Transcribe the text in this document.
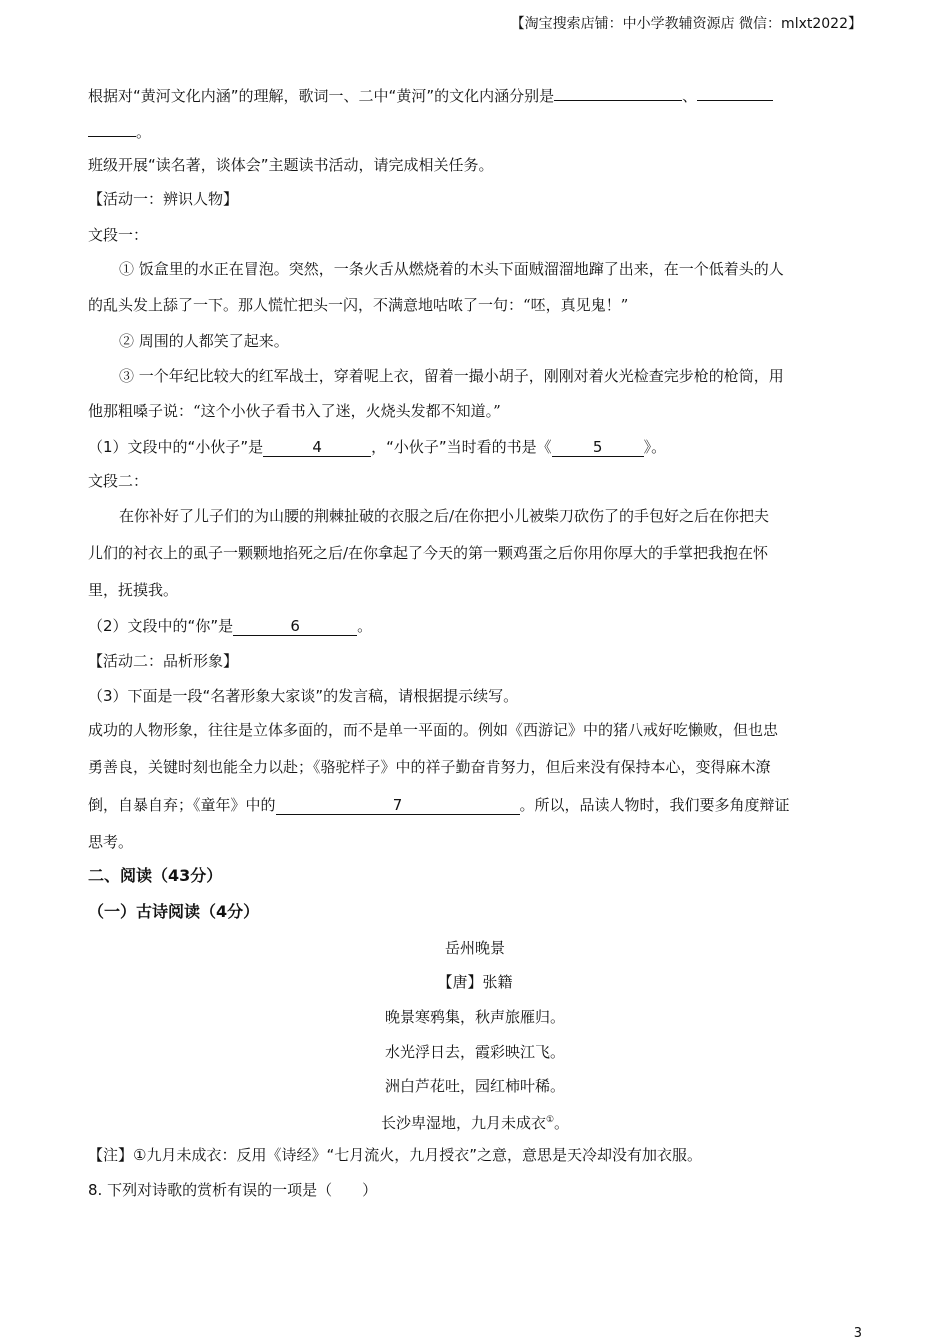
【淘宝搜索店铺：中小学教辅资源店 微信：mlxt2022】
根据对“黄河文化内涵”的理解，歌词一、二中“黄河”的文化内涵分别是	、
。
班级开展“读名著，谈体会”主题读书活动，请完成相关任务。
【活动一：辨识人物】
文段一：
① 饭盒里的水正在冒泡。突然，一条火舌从燃烧着的木头下面贼溜溜地蹿了出来，在一个低着头的人
的乱头发上舔了一下。那人慌忙把头一闪，不满意地咕哝了一句：“呸，真见鬼！”
② 周围的人都笑了起来。
③ 一个年纪比较大的红军战士，穿着呢上衣，留着一撮小胡子，刚刚对着火光检查完步枪的枪筒，用
他那粗嗓子说：“这个小伙子看书入了迷，火烧头发都不知道。”
（1）文段中的“小伙子”是	4	，“小伙子”当时看的书是《	5	》。
文段二：
在你补好了儿子们的为山腰的荆棘扯破的衣服之后/在你把小儿被柴刀砍伤了的手包好之后在你把夫
儿们的衬衣上的虱子一颗颗地掐死之后/在你拿起了今天的第一颗鸡蛋之后你用你厚大的手掌把我抱在怀
里，抚摸我。
（2）文段中的“你”是	6	。
【活动二：品析形象】
（3）下面是一段“名著形象大家谈”的发言稿，请根据提示续写。
成功的人物形象，往往是立体多面的，而不是单一平面的。例如《西游记》中的猪八戒好吃懒败，但也忠
勇善良，关键时刻也能全力以赴；《骆驼样子》中的祥子勤奋肯努力，但后来没有保持本心，变得麻木潦
倒，自暴自弃；《童年》中的	7	。所以，品读人物时，我们要多角度辩证
思考。
二、阅读（43分）
（一）古诗阅读（4分）
岳州晚景
【唐】张籍
晚景寒鸦集，秋声旅雁归。
水光浮日去，霞彩映江飞。
洲白芦花吐，园红柿叶稀。
长沙卑湿地，九月未成衣①。
【注】①九月未成衣：反用《诗经》“七月流火，九月授衣”之意，意思是天冷却没有加衣服。
8. 下列对诗歌的赏析有误的一项是（　　）
3
